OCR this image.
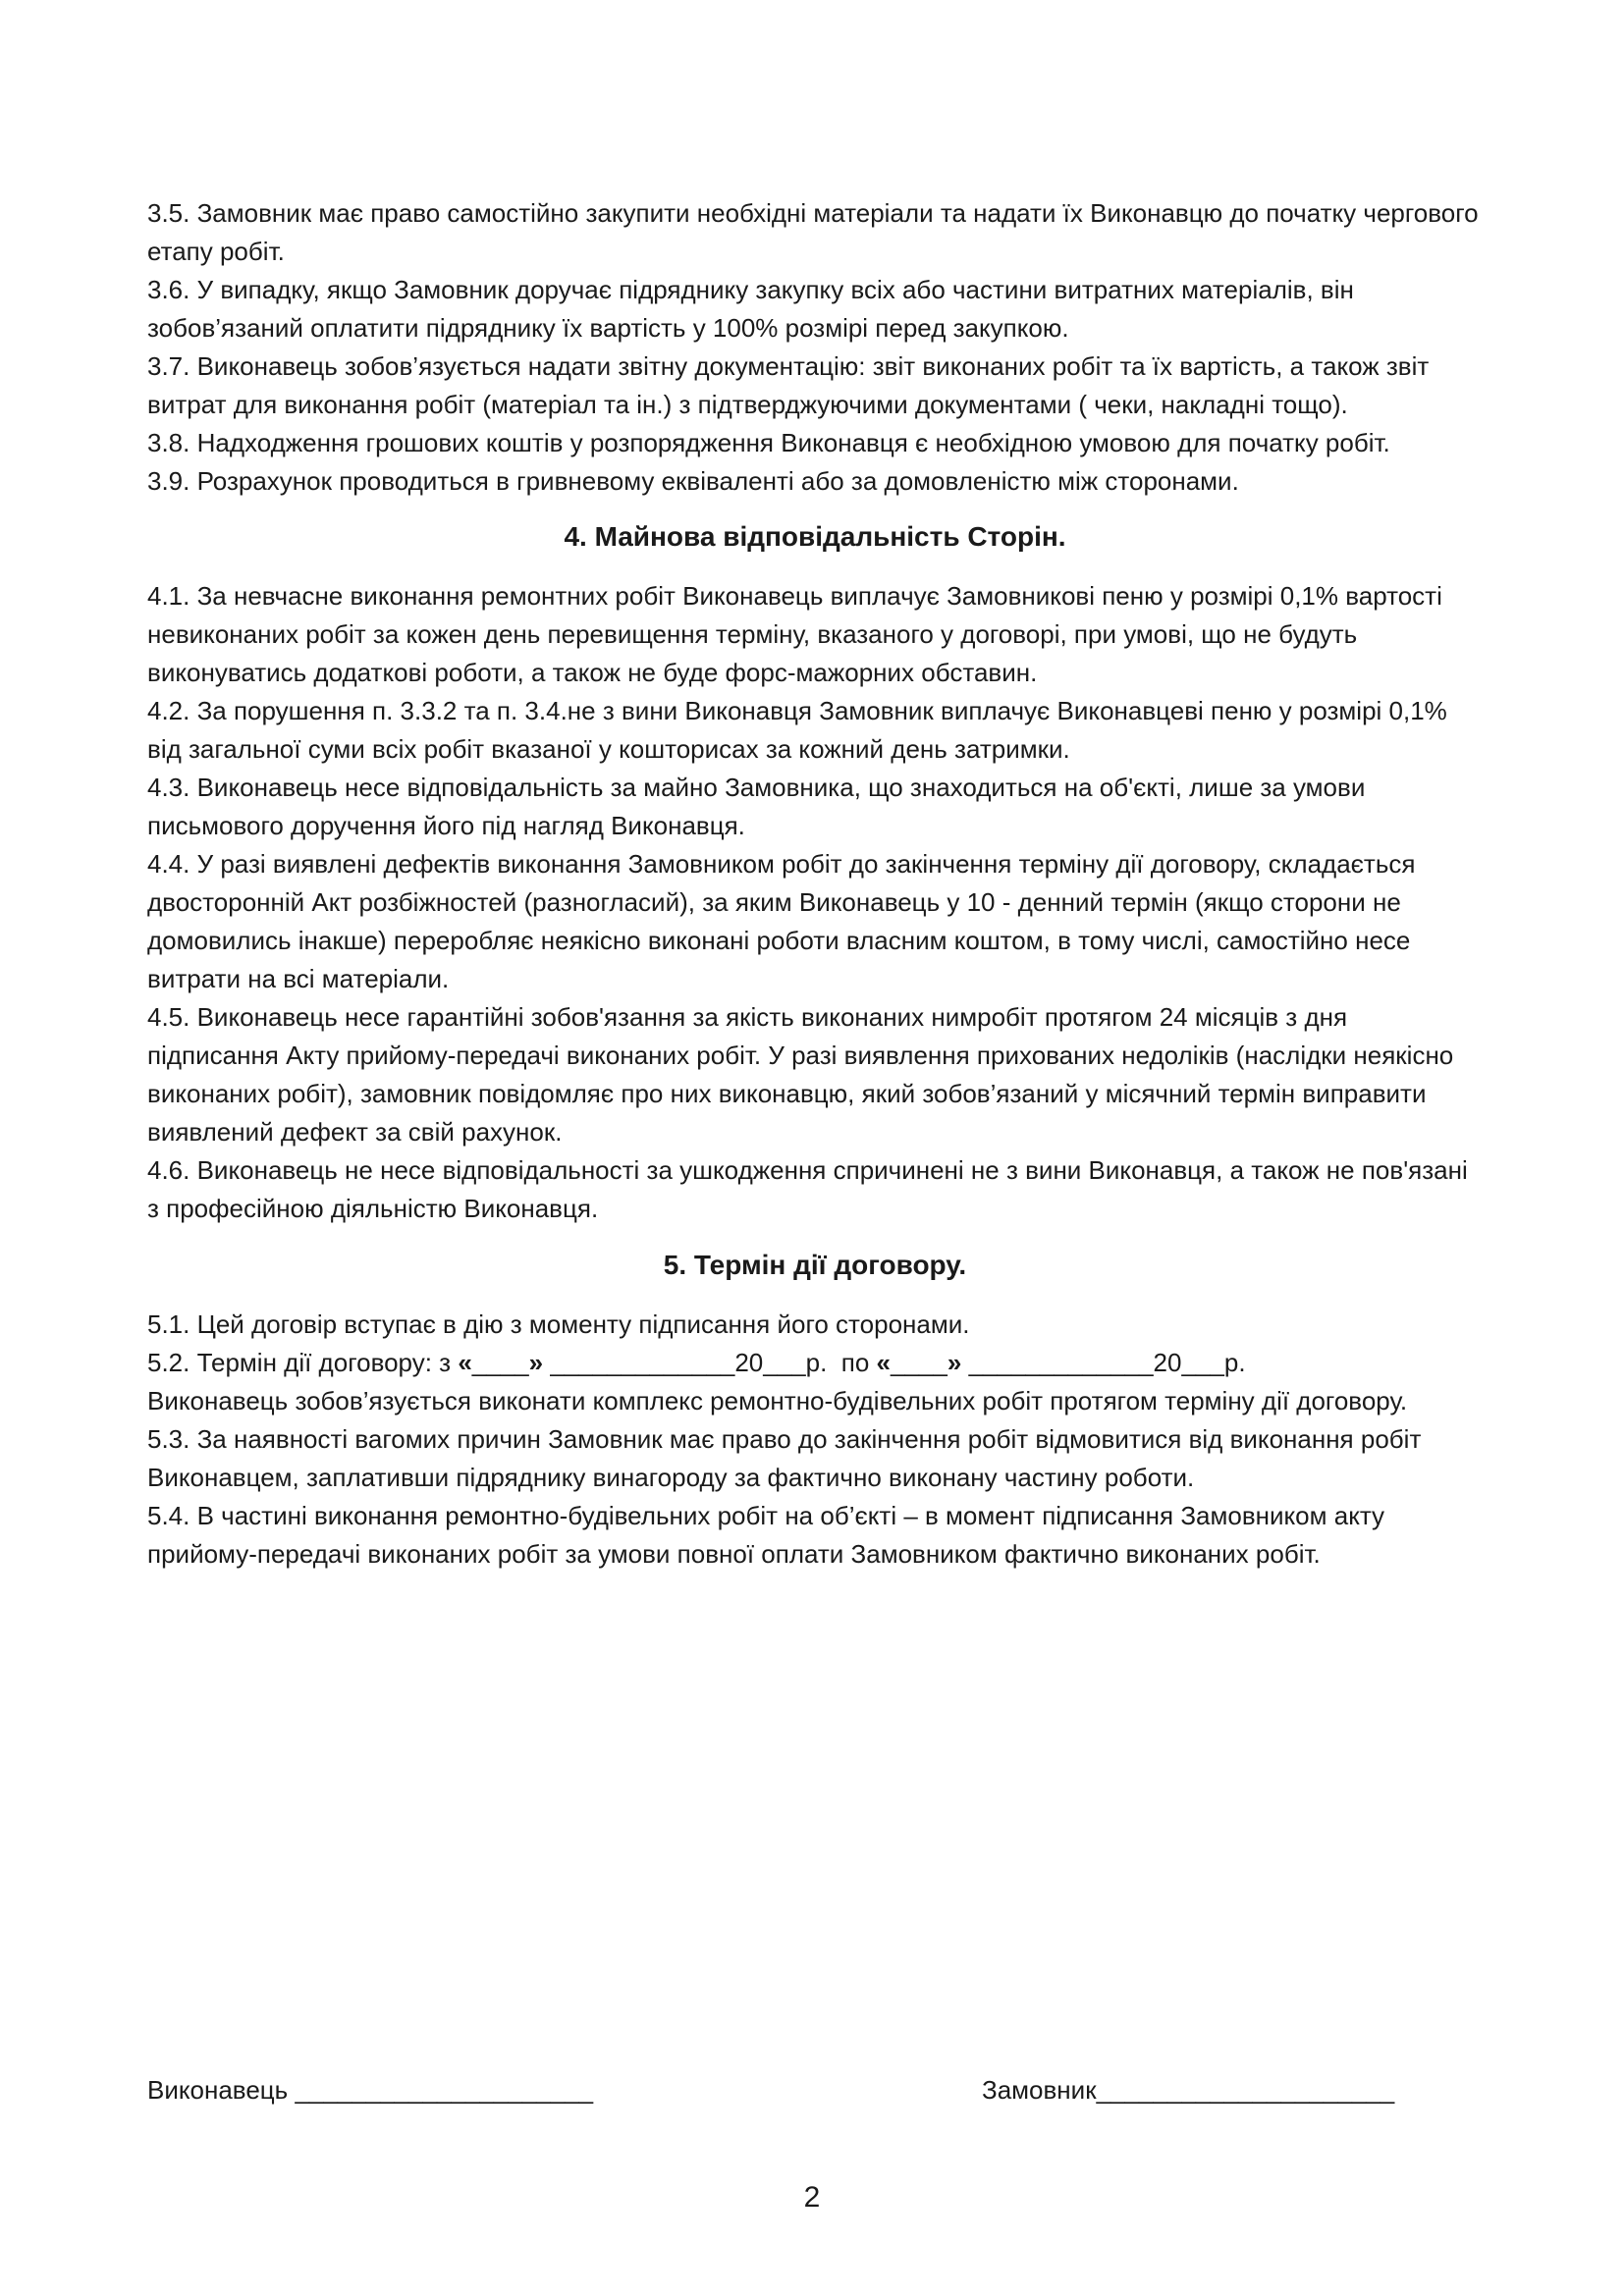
3.5. Замовник має право самостійно закупити необхідні матеріали та надати їх Виконавцю до початку чергового етапу робіт.

3.6. У випадку, якщо Замовник доручає підряднику закупку всіх або частини витратних матеріалів, він зобов’язаний оплатити підряднику їх вартість у 100% розмірі перед закупкою.

3.7. Виконавець зобов’язується надати звітну документацію: звіт виконаних робіт та їх вартість, а також звіт витрат для виконання робіт (матеріал та ін.) з підтверджуючими документами ( чеки, накладні тощо).

3.8. Надходження грошових коштів у розпорядження Виконавця є необхідною умовою для початку робіт.

3.9. Розрахунок проводиться в гривневому еквіваленті або за домовленістю між сторонами.

4. Майнова відповідальність Сторін.

4.1. За невчасне виконання ремонтних робіт Виконавець виплачує Замовникові пеню у розмірі 0,1% вартості невиконаних робіт за кожен день перевищення терміну, вказаного у договорі, при умові, що не будуть виконуватись додаткові роботи, а також не буде форс-мажорних обставин.

4.2. За порушення п. 3.3.2 та п. 3.4.не з вини Виконавця Замовник виплачує Виконавцеві пеню у розмірі 0,1% від загальної суми всіх робіт вказаної у кошторисах за кожний день затримки.

4.3. Виконавець несе відповідальність за майно Замовника, що знаходиться на об'єкті, лише за умови письмового доручення його під нагляд Виконавця.

4.4. У разі виявлені дефектів виконання Замовником робіт до закінчення терміну дії договору, складається двосторонній Акт розбіжностей (разногласий), за яким Виконавець у 10 - денний термін (якщо сторони не домовились інакше) переробляє неякісно виконані роботи власним коштом, в тому числі, самостійно несе витрати на всі матеріали.

4.5. Виконавець несе гарантійні зобов'язання за якість виконаних нимробіт протягом 24 місяців з дня підписання Акту прийому-передачі виконаних робіт. У разі виявлення прихованих недоліків (наслідки неякісно виконаних робіт), замовник повідомляє про них виконавцю, який зобов’язаний у місячний термін виправити виявлений дефект за свій рахунок.

4.6. Виконавець не несе відповідальності за ушкодження спричинені не з вини Виконавця, а також не пов'язані з професійною діяльністю Виконавця.

5. Термін дії договору.

5.1. Цей договір вступає в дію з моменту підписання його сторонами.

5.2. Термін дії договору: з «____» _____________20___р. по «____» _____________20___р.

Виконавець зобов’язується виконати комплекс ремонтно-будівельних робіт протягом терміну дії договору.

5.3. За наявності вагомих причин Замовник має право до закінчення робіт відмовитися від виконання робіт Виконавцем, заплативши підряднику винагороду за фактично виконану частину роботи.

5.4. В частині виконання ремонтно-будівельних робіт на об’єкті – в момент підписання Замовником акту прийому-передачі виконаних робіт за умови повної оплати Замовником фактично виконаних робіт.

Виконавець _____________________	Замовник_____________________
2
